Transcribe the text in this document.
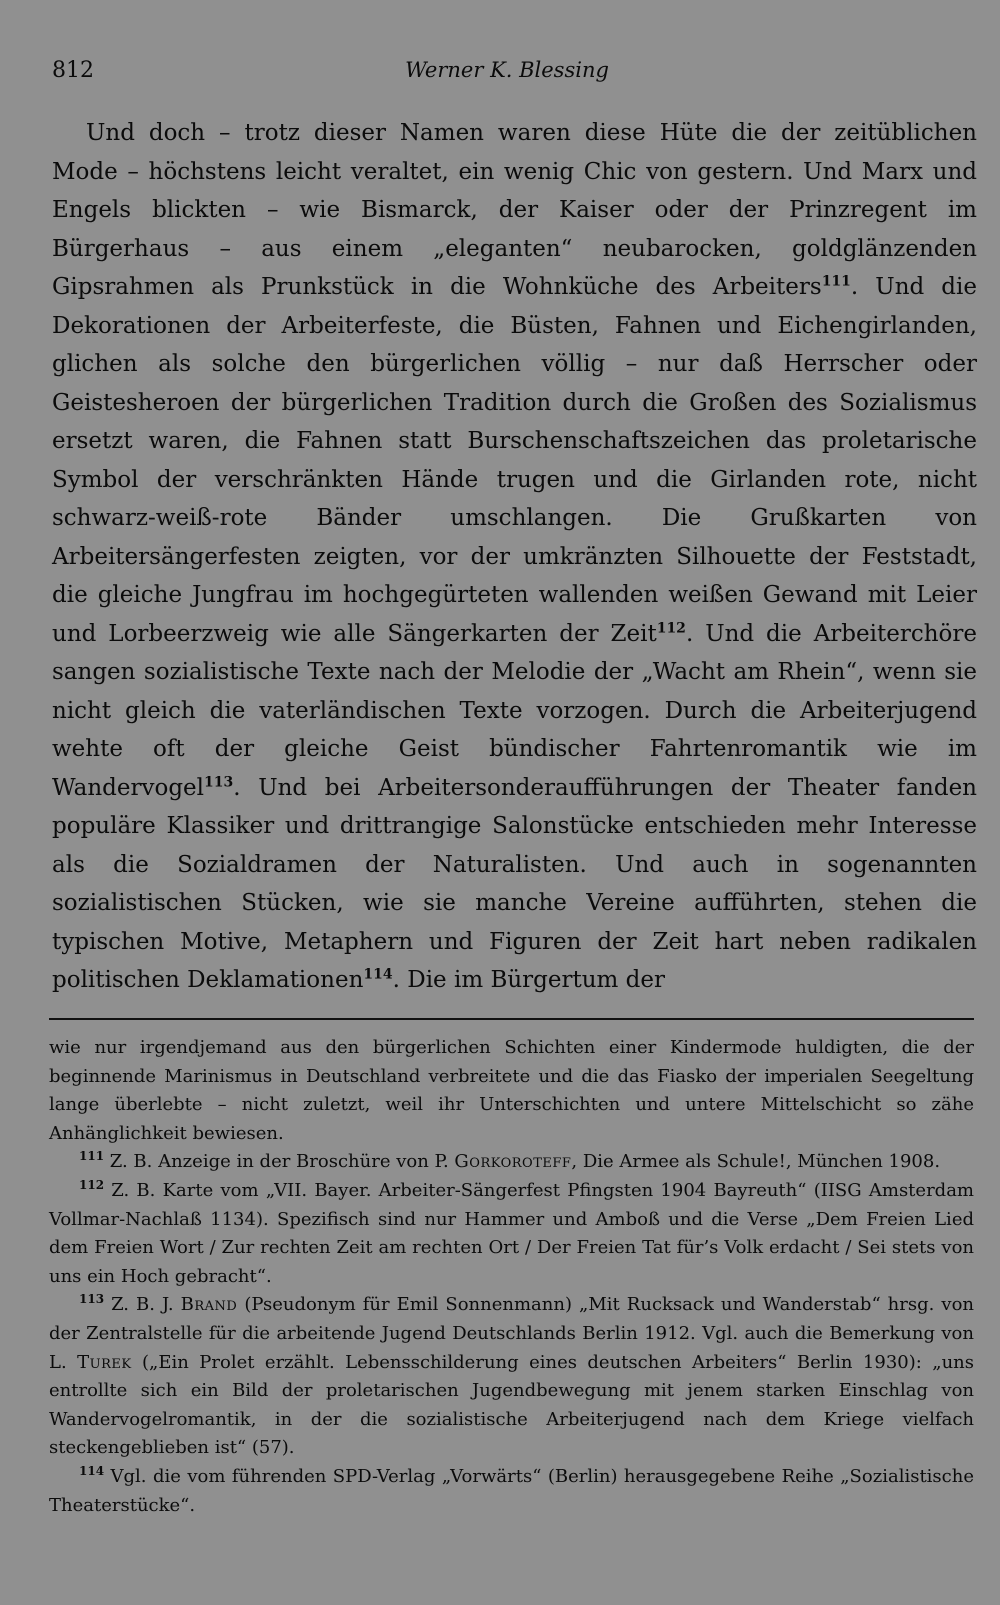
812	Werner K. Blessing

Und doch – trotz dieser Namen waren diese Hüte die der zeitüblichen Mode – höchstens leicht veraltet, ein wenig Chic von gestern. Und Marx und Engels blickten – wie Bismarck, der Kaiser oder der Prinzregent im Bürgerhaus – aus einem „eleganten“ neubarocken, goldglänzenden Gipsrahmen als Prunkstück in die Wohnküche des Arbeiters$^{111}$. Und die Dekorationen der Arbeiterfeste, die Büsten, Fahnen und Eichengirlanden, glichen als solche den bürgerlichen völlig – nur daß Herrscher oder Geistesheroen der bürgerlichen Tradition durch die Großen des Sozialismus ersetzt waren, die Fahnen statt Burschenschaftszeichen das proletarische Symbol der verschränkten Hände trugen und die Girlanden rote, nicht schwarz-weiß-rote Bänder umschlangen. Die Grußkarten von Arbeitersängerfesten zeigten, vor der umkränzten Silhouette der Feststadt, die gleiche Jungfrau im hochgegürteten wallenden weißen Gewand mit Leier und Lorbeerzweig wie alle Sängerkarten der Zeit$^{112}$. Und die Arbeiterchöre sangen sozialistische Texte nach der Melodie der „Wacht am Rhein“, wenn sie nicht gleich die vaterländischen Texte vorzogen. Durch die Arbeiterjugend wehte oft der gleiche Geist bündischer Fahrtenromantik wie im Wandervogel$^{113}$. Und bei Arbeitersonderaufführungen der Theater fanden populäre Klassiker und drittrangige Salonstücke entschieden mehr Interesse als die Sozialdramen der Naturalisten. Und auch in sogenannten sozialistischen Stücken, wie sie manche Vereine aufführten, stehen die typischen Motive, Metaphern und Figuren der Zeit hart neben radikalen politischen Deklamationen$^{114}$. Die im Bürgertum der

wie nur irgendjemand aus den bürgerlichen Schichten einer Kindermode huldigten, die der beginnende Marinismus in Deutschland verbreitete und die das Fiasko der imperialen Seegeltung lange überlebte – nicht zuletzt, weil ihr Unterschichten und untere Mittelschicht so zähe Anhänglichkeit bewiesen.

$^{111}$ Z. B. Anzeige in der Broschüre von P. Gorkoroteff, Die Armee als Schule!, München 1908.

$^{112}$ Z. B. Karte vom „VII. Bayer. Arbeiter-Sängerfest Pfingsten 1904 Bayreuth“ (IISG Amsterdam Vollmar-Nachlaß 1134). Spezifisch sind nur Hammer und Amboß und die Verse „Dem Freien Lied dem Freien Wort / Zur rechten Zeit am rechten Ort / Der Freien Tat für’s Volk erdacht / Sei stets von uns ein Hoch gebracht“.

$^{113}$ Z. B. J. Brand (Pseudonym für Emil Sonnenmann) „Mit Rucksack und Wanderstab“ hrsg. von der Zentralstelle für die arbeitende Jugend Deutschlands Berlin 1912. Vgl. auch die Bemerkung von L. Turek („Ein Prolet erzählt. Lebensschilderung eines deutschen Arbeiters“ Berlin 1930): „uns entrollte sich ein Bild der proletarischen Jugendbewegung mit jenem starken Einschlag von Wandervogelromantik, in der die sozialistische Arbeiterjugend nach dem Kriege vielfach steckengeblieben ist“ (57).

$^{114}$ Vgl. die vom führenden SPD-Verlag „Vorwärts“ (Berlin) herausgegebene Reihe „Sozialistische Theaterstücke“.
